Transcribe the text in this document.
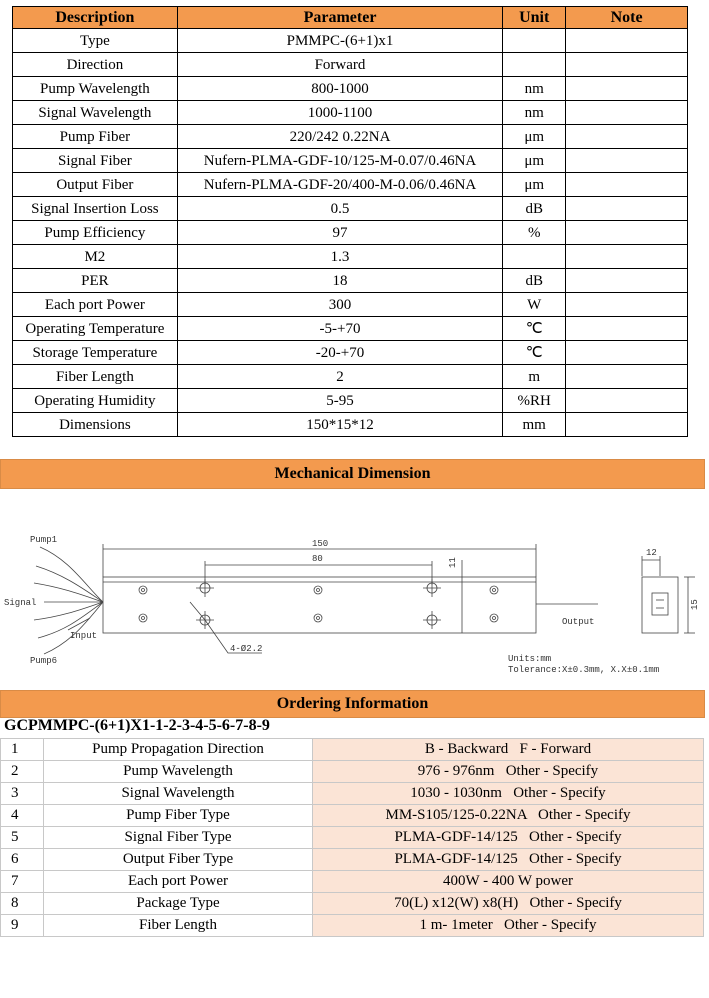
Description	Parameter	Unit	Note
Type	PMMPC-(6+1)x1		
Direction	Forward		
Pump Wavelength	800-1000	nm	
Signal Wavelength	1000-1100	nm	
Pump Fiber	220/242 0.22NA	μm	
Signal Fiber	Nufern-PLMA-GDF-10/125-M-0.07/0.46NA	μm	
Output Fiber	Nufern-PLMA-GDF-20/400-M-0.06/0.46NA	μm	
Signal Insertion Loss	0.5	dB	
Pump Efficiency	97	%	
M2	1.3		
PER	18	dB	
Each port Power	300	W	
Operating Temperature	-5-+70	℃	
Storage Temperature	-20-+70	℃	
Fiber Length	2	m	
Operating Humidity	5-95	%RH	
Dimensions	150*15*12	mm	
Mechanical Dimension
Pump1
Signal
Input
Pump6
Output
150
80	11
12
15
4-Ø2.2
Units:mm
Tolerance:X±0.3mm, X.X±0.1mm
Ordering Information
GCPMMPC-(6+1)X1-1-2-3-4-5-6-7-8-9
1	Pump Propagation Direction	B - Backward   F - Forward
2	Pump Wavelength	976 - 976nm   Other - Specify
3	Signal Wavelength	1030 - 1030nm   Other - Specify
4	Pump Fiber Type	MM-S105/125-0.22NA   Other - Specify
5	Signal Fiber Type	PLMA-GDF-14/125   Other - Specify
6	Output Fiber Type	PLMA-GDF-14/125   Other - Specify
7	Each port Power	400W - 400 W power
8	Package Type	70(L) x12(W) x8(H)   Other - Specify
9	Fiber Length	1 m- 1meter   Other - Specify
